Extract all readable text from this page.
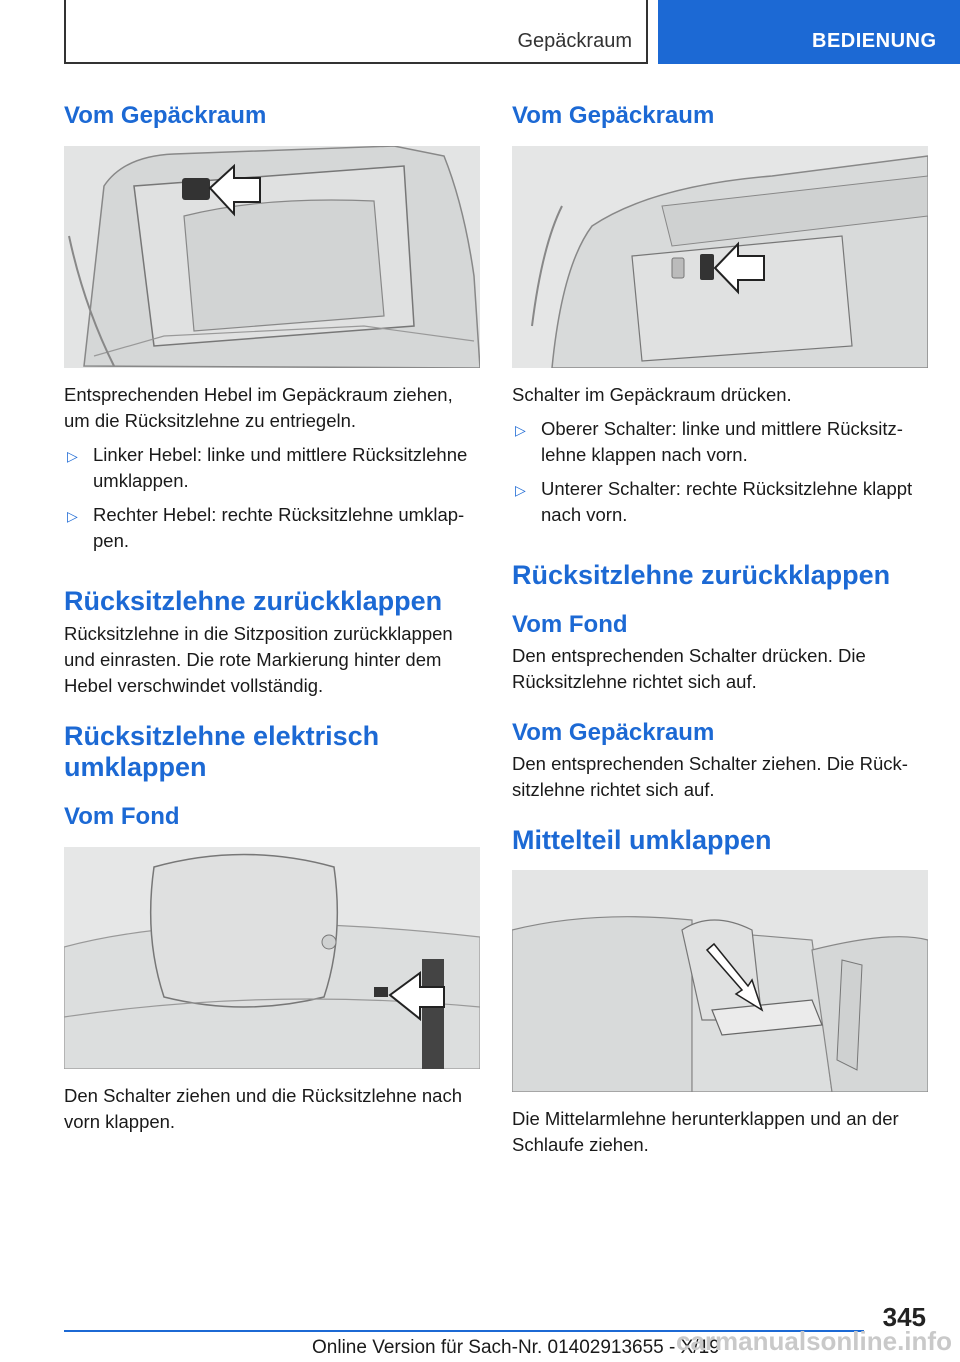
Gepäckraum	BEDIENUNG
Vom Gepäckraum

Entsprechenden Hebel im Gepäckraum ziehen, um die Rücksitzlehne zu entriegeln.

▷ Linker Hebel: linke und mittlere Rücksitzlehne umklappen.
▷ Rechter Hebel: rechte Rücksitzlehne umklap-pen.
Rücksitzlehne zurückklappen

Rücksitzlehne in die Sitzposition zurückklappen und einrasten. Die rote Markierung hinter dem Hebel verschwindet vollständig.

Rücksitzlehne elektrisch umklappen
Vom Fond

Den Schalter ziehen und die Rücksitzlehne nach vorn klappen.

Vom Gepäckraum

Schalter im Gepäckraum drücken.

▷ Oberer Schalter: linke und mittlere Rücksitz-lehne klappen nach vorn.
▷ Unterer Schalter: rechte Rücksitzlehne klappt nach vorn.
Rücksitzlehne zurückklappen
Vom Fond

Den entsprechenden Schalter drücken. Die Rücksitzlehne richtet sich auf.

Vom Gepäckraum

Den entsprechenden Schalter ziehen. Die Rück-sitzlehne richtet sich auf.

Mittelteil umklappen

Die Mittelarmlehne herunterklappen und an der Schlaufe ziehen.

345
Online Version für Sach-Nr. 01402913655 - X/19
carmanualsonline.info
